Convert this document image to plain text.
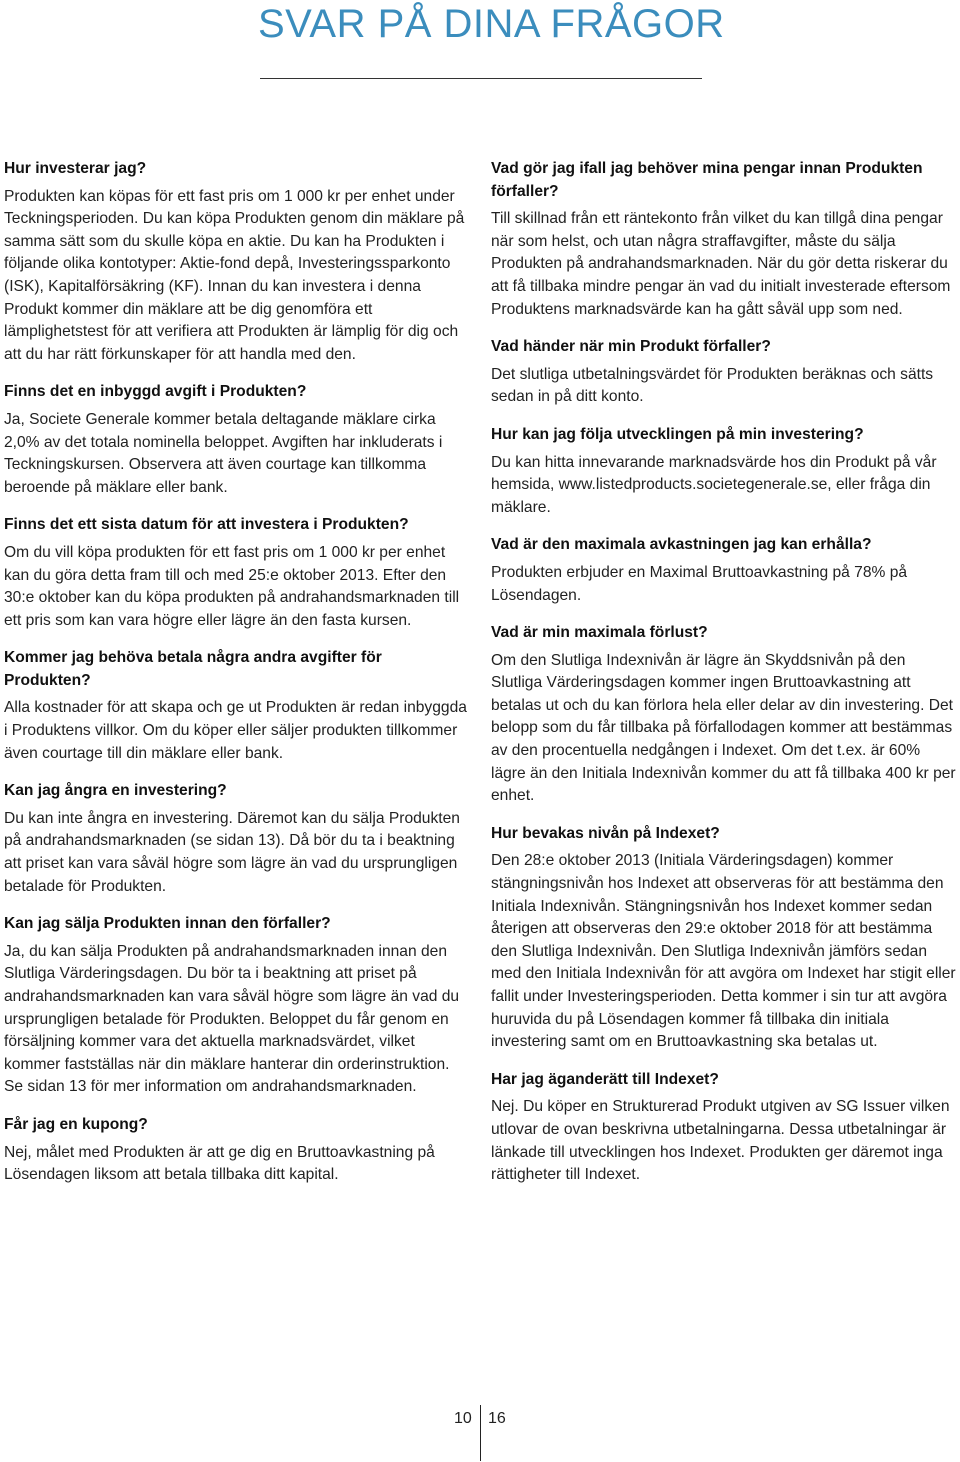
SVAR PÅ DINA FRÅGOR

Hur investerar jag?

Produkten kan köpas för ett fast pris om 1 000 kr per enhet under Teckningsperioden. Du kan köpa Produkten genom din mäklare på samma sätt som du skulle köpa en aktie. Du kan ha Produkten i följande olika kontotyper: Aktie-fond depå, Investeringssparkonto (ISK), Kapitalförsäkring (KF). Innan du kan investera i denna Produkt kommer din mäklare att be dig genomföra ett lämplighetstest för att verifiera att Produkten är lämplig för dig och att du har rätt förkunskaper för att handla med den.

Finns det en inbyggd avgift i Produkten?

Ja, Societe Generale kommer betala deltagande mäklare cirka 2,0% av det totala nominella beloppet. Avgiften har inkluderats i Teckningskursen. Observera att även courtage kan tillkomma beroende på mäklare eller bank.

Finns det ett sista datum för att investera i Produkten?

Om du vill köpa produkten för ett fast pris om 1 000 kr per enhet kan du göra detta fram till och med 25:e oktober 2013. Efter den 30:e oktober kan du köpa produkten på andrahandsmarknaden till ett pris som kan vara högre eller lägre än den fasta kursen.

Kommer jag behöva betala några andra avgifter för Produkten?

Alla kostnader för att skapa och ge ut Produkten är redan inbyggda i Produktens villkor. Om du köper eller säljer produkten tillkommer även courtage till din mäklare eller bank.

Kan jag ångra en investering?

Du kan inte ångra en investering. Däremot kan du sälja Produkten på andrahandsmarknaden (se sidan 13). Då bör du ta i beaktning att priset kan vara såväl högre som lägre än vad du ursprungligen betalade för Produkten.

Kan jag sälja Produkten innan den förfaller?

Ja, du kan sälja Produkten på andrahandsmarknaden innan den Slutliga Värderingsdagen. Du bör ta i beaktning att priset på andrahandsmarknaden kan vara såväl högre som lägre än vad du ursprungligen betalade för Produkten. Beloppet du får genom en försäljning kommer vara det aktuella marknadsvärdet, vilket kommer fastställas när din mäklare hanterar din orderinstruktion. Se sidan 13 för mer information om andrahandsmarknaden.

Får jag en kupong?

Nej, målet med Produkten är att ge dig en Bruttoavkastning på Lösendagen liksom att betala tillbaka ditt kapital.

Vad gör jag ifall jag behöver mina pengar innan Produkten förfaller?

Till skillnad från ett räntekonto från vilket du kan tillgå dina pengar när som helst, och utan några straffavgifter, måste du sälja Produkten på andrahandsmarknaden. När du gör detta riskerar du att få tillbaka mindre pengar än vad du initialt investerade eftersom Produktens marknadsvärde kan ha gått såväl upp som ned.

Vad händer när min Produkt förfaller?

Det slutliga utbetalningsvärdet för Produkten beräknas och sätts sedan in på ditt konto.

Hur kan jag följa utvecklingen på min investering?

Du kan hitta innevarande marknadsvärde hos din Produkt på vår hemsida, www.listedproducts.societegenerale.se, eller fråga din mäklare.

Vad är den maximala avkastningen jag kan erhålla?

Produkten erbjuder en Maximal Bruttoavkastning på 78% på Lösendagen.

Vad är min maximala förlust?

Om den Slutliga Indexnivån är lägre än Skyddsnivån på den Slutliga Värderingsdagen kommer ingen Bruttoavkastning att betalas ut och du kan förlora hela eller delar av din investering. Det belopp som du får tillbaka på förfallodagen kommer att bestämmas av den procentuella nedgången i Indexet. Om det t.ex. är 60% lägre än den Initiala Indexnivån kommer du att få tillbaka 400 kr per enhet.

Hur bevakas nivån på Indexet?

Den 28:e oktober 2013 (Initiala Värderingsdagen) kommer stängningsnivån hos Indexet att observeras för att bestämma den Initiala Indexnivån. Stängningsnivån hos Indexet kommer sedan återigen att observeras den 29:e oktober 2018 för att bestämma den Slutliga Indexnivån. Den Slutliga Indexnivån jämförs sedan med den Initiala Indexnivån för att avgöra om Indexet har stigit eller fallit under Investeringsperioden. Detta kommer i sin tur att avgöra huruvida du på Lösendagen kommer få tillbaka din initiala investering samt om en Bruttoavkastning ska betalas ut.

Har jag äganderätt till Indexet?

Nej. Du köper en Strukturerad Produkt utgiven av SG Issuer vilken utlovar de ovan beskrivna utbetalningarna. Dessa utbetalningar är länkade till utvecklingen hos Indexet. Produkten ger däremot inga rättigheter till Indexet.

10 16
